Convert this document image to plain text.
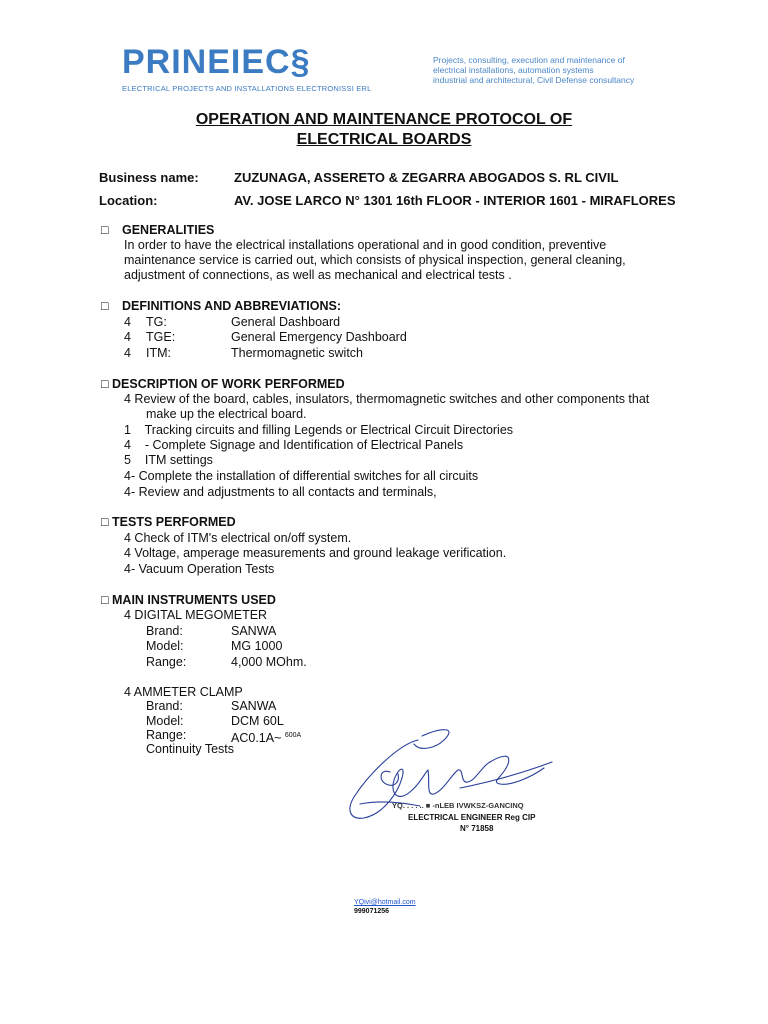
PRINEIEC§
ELECTRICAL PROJECTS AND INSTALLATIONS ELECTRONISSI ERL
Projects, consulting, execution and maintenance of
electrical installations, automation systems
industrial and architectural, Civil Defense consultancy
OPERATION AND MAINTENANCE PROTOCOL OF
ELECTRICAL BOARDS
Business name:	ZUZUNAGA, ASSERETO & ZEGARRA ABOGADOS S. RL CIVIL
Location:	AV. JOSE LARCO N° 1301 16th FLOOR - INTERIOR 1601 - MIRAFLORES
□ GENERALITIES
In order to have the electrical installations operational and in good condition, preventive
maintenance service is carried out, which consists of physical inspection, general cleaning,
adjustment of connections, as well as mechanical and electrical tests .
□ DEFINITIONS AND ABBREVIATIONS:
4 TG:	General Dashboard
4 TGE:	General Emergency Dashboard
4 ITM:	Thermomagnetic switch
□ DESCRIPTION OF WORK PERFORMED
4 Review of the board, cables, insulators, thermomagnetic switches and other components that
make up the electrical board.
1    Tracking circuits and filling Legends or Electrical Circuit Directories
4    - Complete Signage and Identification of Electrical Panels
5    ITM settings
4- Complete the installation of differential switches for all circuits
4- Review and adjustments to all contacts and terminals,
□ TESTS PERFORMED
4 Check of ITM's electrical on/off system.
4 Voltage, amperage measurements and ground leakage verification.
4- Vacuum Operation Tests
□ MAIN INSTRUMENTS USED
4 DIGITAL MEGOMETER
Brand:	SANWA
Model:	MG 1000
Range:	4,000 MOhm.
4 AMMETER CLAMP
Brand:	SANWA
Model:	DCM 60L
Range:	AC0.1A~ $^{600A}$
Continuity Tests
YQ. . . . .. ■ -nLEB IVWKSZ-GANCINQ
ELECTRICAL ENGINEER Reg CIP
N° 71858
YQivi@hotmail.com
999071256
